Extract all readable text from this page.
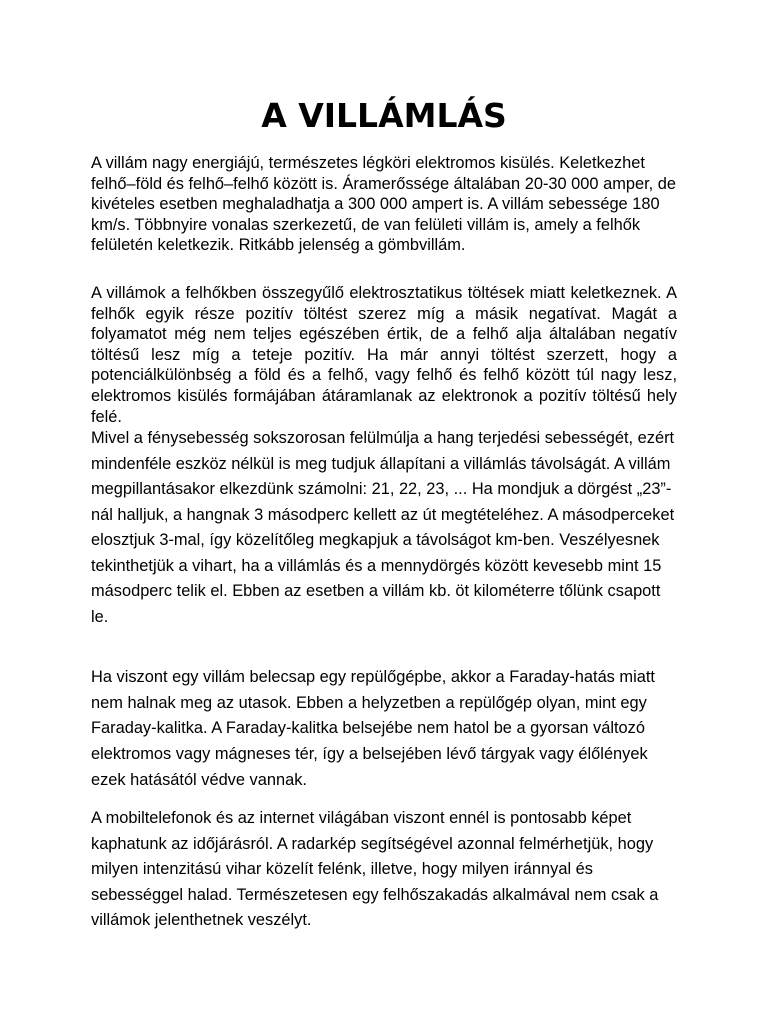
A VILLÁMLÁS

A villám nagy energiájú, természetes légköri elektromos kisülés. Keletkezhet felhő–föld és felhő–felhő között is. Áramerőssége általában 20-30 000 amper, de kivételes esetben meghaladhatja a 300 000 ampert is. A villám sebessége 180 km/s. Többnyire vonalas szerkezetű, de van felületi villám is, amely a felhők felületén keletkezik. Ritkább jelenség a gömbvillám.

A villámok a felhőkben összegyűlő elektrosztatikus töltések miatt keletkeznek. A felhők egyik része pozitív töltést szerez míg a másik negatívat. Magát a folyamatot még nem teljes egészében értik, de a felhő alja általában negatív töltésű lesz míg a teteje pozitív. Ha már annyi töltést szerzett, hogy a potenciálkülönbség a föld és a felhő, vagy felhő és felhő között túl nagy lesz, elektromos kisülés formájában átáramlanak az elektronok a pozitív töltésű hely felé.

Mivel a fénysebesség sokszorosan felülmúlja a hang terjedési sebességét, ezért mindenféle eszköz nélkül is meg tudjuk állapítani a villámlás távolságát. A villám megpillantásakor elkezdünk számolni: 21, 22, 23, ... Ha mondjuk a dörgést „23”-nál halljuk, a hangnak 3 másodperc kellett az út megtételéhez. A másodperceket elosztjuk 3-mal, így közelítőleg megkapjuk a távolságot km-ben. Veszélyesnek tekinthetjük a vihart, ha a villámlás és a mennydörgés között kevesebb mint 15 másodperc telik el. Ebben az esetben a villám kb. öt kilométerre tőlünk csapott le.

Ha viszont egy villám belecsap egy repülőgépbe, akkor a Faraday-hatás miatt nem halnak meg az utasok. Ebben a helyzetben a repülőgép olyan, mint egy Faraday-kalitka. A Faraday-kalitka belsejébe nem hatol be a gyorsan változó elektromos vagy mágneses tér, így a belsejében lévő tárgyak vagy élőlények ezek hatásától védve vannak.

A mobiltelefonok és az internet világában viszont ennél is pontosabb képet kaphatunk az időjárásról. A radarkép segítségével azonnal felmérhetjük, hogy milyen intenzitású vihar közelít felénk, illetve, hogy milyen iránnyal és sebességgel halad. Természetesen egy felhőszakadás alkalmával nem csak a villámok jelenthetnek veszélyt.
